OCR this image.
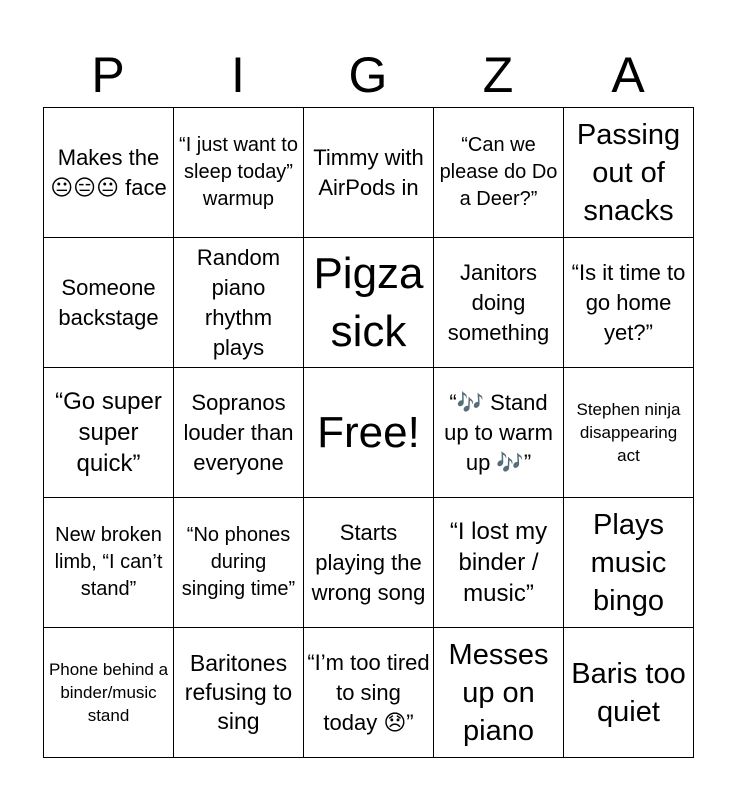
P	I	G	Z	A
Makes the 😐😑😐 face	“I just want to sleep today” warmup	Timmy with AirPods in	“Can we please do Do a Deer?”	Passing out of snacks
Someone backstage	Random piano rhythm plays	Pigza sick	Janitors doing something	“Is it time to go home yet?”
“Go super super quick”	Sopranos louder than everyone	Free!	“🎶 Stand up to warm up 🎶”	Stephen ninja disappearing act
New broken limb, “I can’t stand”	“No phones during singing time”	Starts playing the wrong song	“I lost my binder / music”	Plays music bingo
Phone behind a binder/music stand	Baritones refusing to sing	“I’m too tired to sing today 😞”	Messes up on piano	Baris too quiet
